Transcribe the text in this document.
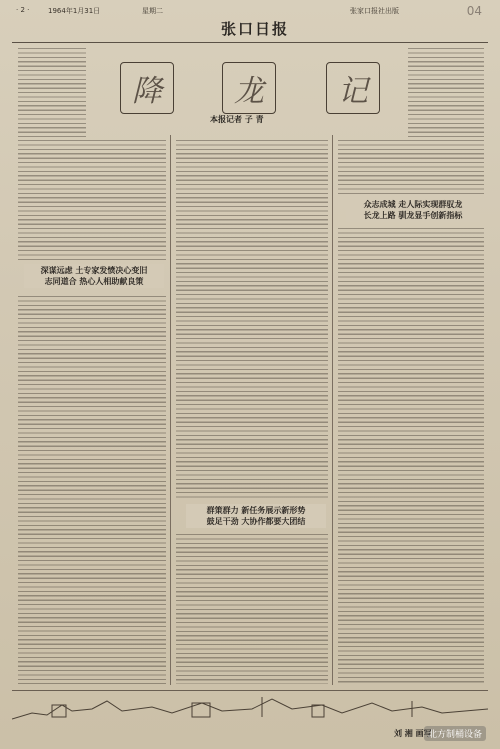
· 2 ·	1964年1月31日	星期二
张口日报
张家口报社出版	04
降	龙	记
本报记者 子 青
深谋远虑 土专家发愤决心变旧
志同道合 热心人相助献良策
群策群力 新任务展示新形势
鼓足干劲 大协作都要大团结
众志成城 走人际实现群驭龙
长龙上路 驯龙显手创新指标
刘 湘 画写
北方制桶设备
